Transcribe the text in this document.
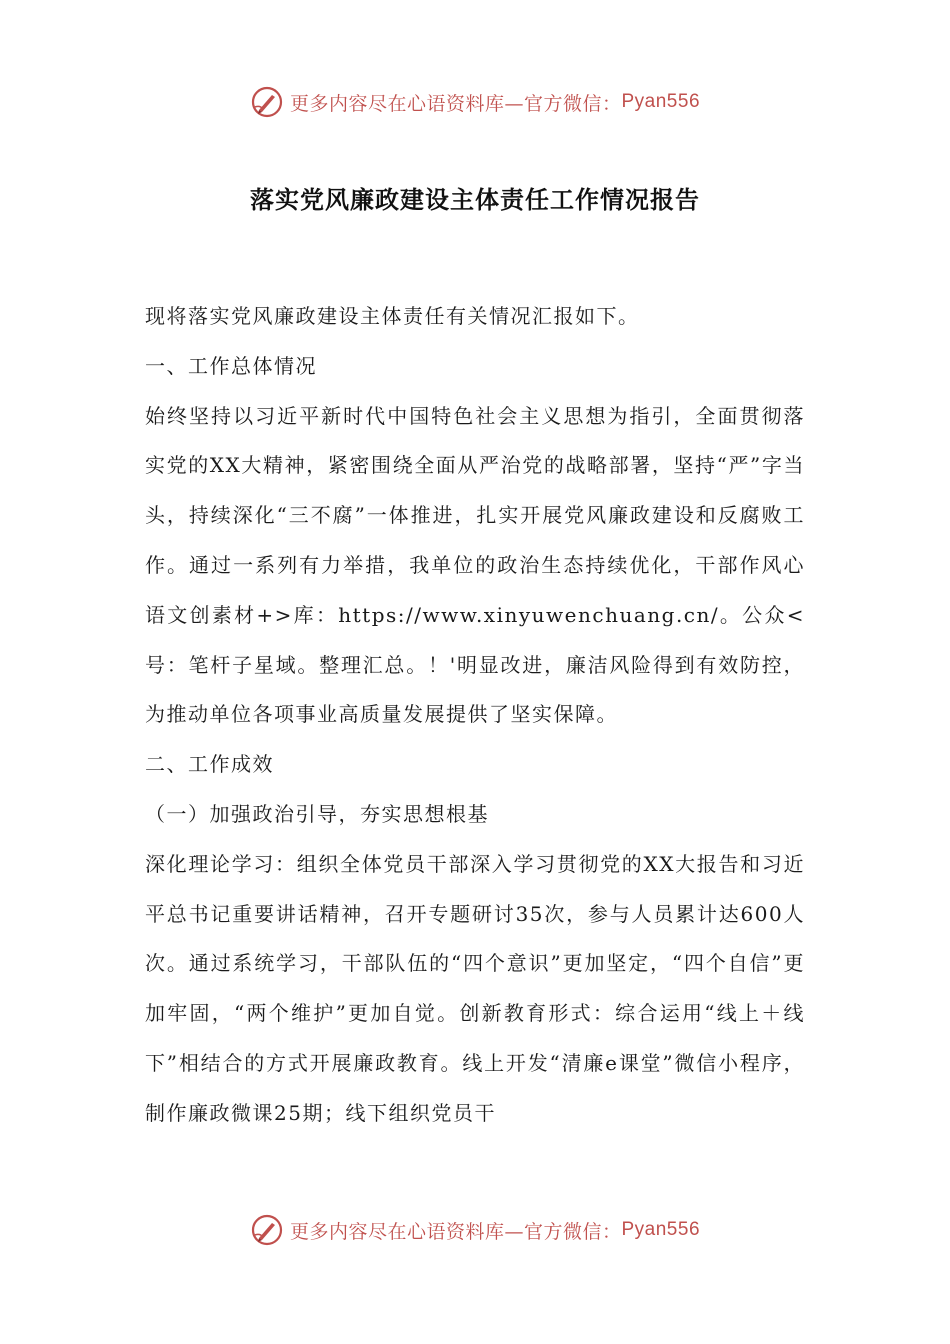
更多内容尽在心语资料库—官方微信： Pyan556
落实党风廉政建设主体责任工作情况报告

现将落实党风廉政建设主体责任有关情况汇报如下。

一、工作总体情况

始终坚持以习近平新时代中国特色社会主义思想为指引，全面贯彻落实党的XX大精神，紧密围绕全面从严治党的战略部署，坚持“严”字当头，持续深化“三不腐”一体推进，扎实开展党风廉政建设和反腐败工作。通过一系列有力举措，我单位的政治生态持续优化，干部作风心语文创素材+>库：https://www.xinyuwenchuang.cn/。公众<号：笔杆子星域。整理汇总。！'明显改进，廉洁风险得到有效防控，为推动单位各项事业高质量发展提供了坚实保障。

二、工作成效

（一）加强政治引导，夯实思想根基

深化理论学习：组织全体党员干部深入学习贯彻党的XX大报告和习近平总书记重要讲话精神，召开专题研讨35次，参与人员累计达600人次。通过系统学习，干部队伍的“四个意识”更加坚定，“四个自信”更加牢固，“两个维护”更加自觉。创新教育形式：综合运用“线上＋线下”相结合的方式开展廉政教育。线上开发“清廉e课堂”微信小程序，制作廉政微课25期；线下组织党员干

更多内容尽在心语资料库—官方微信： Pyan556
